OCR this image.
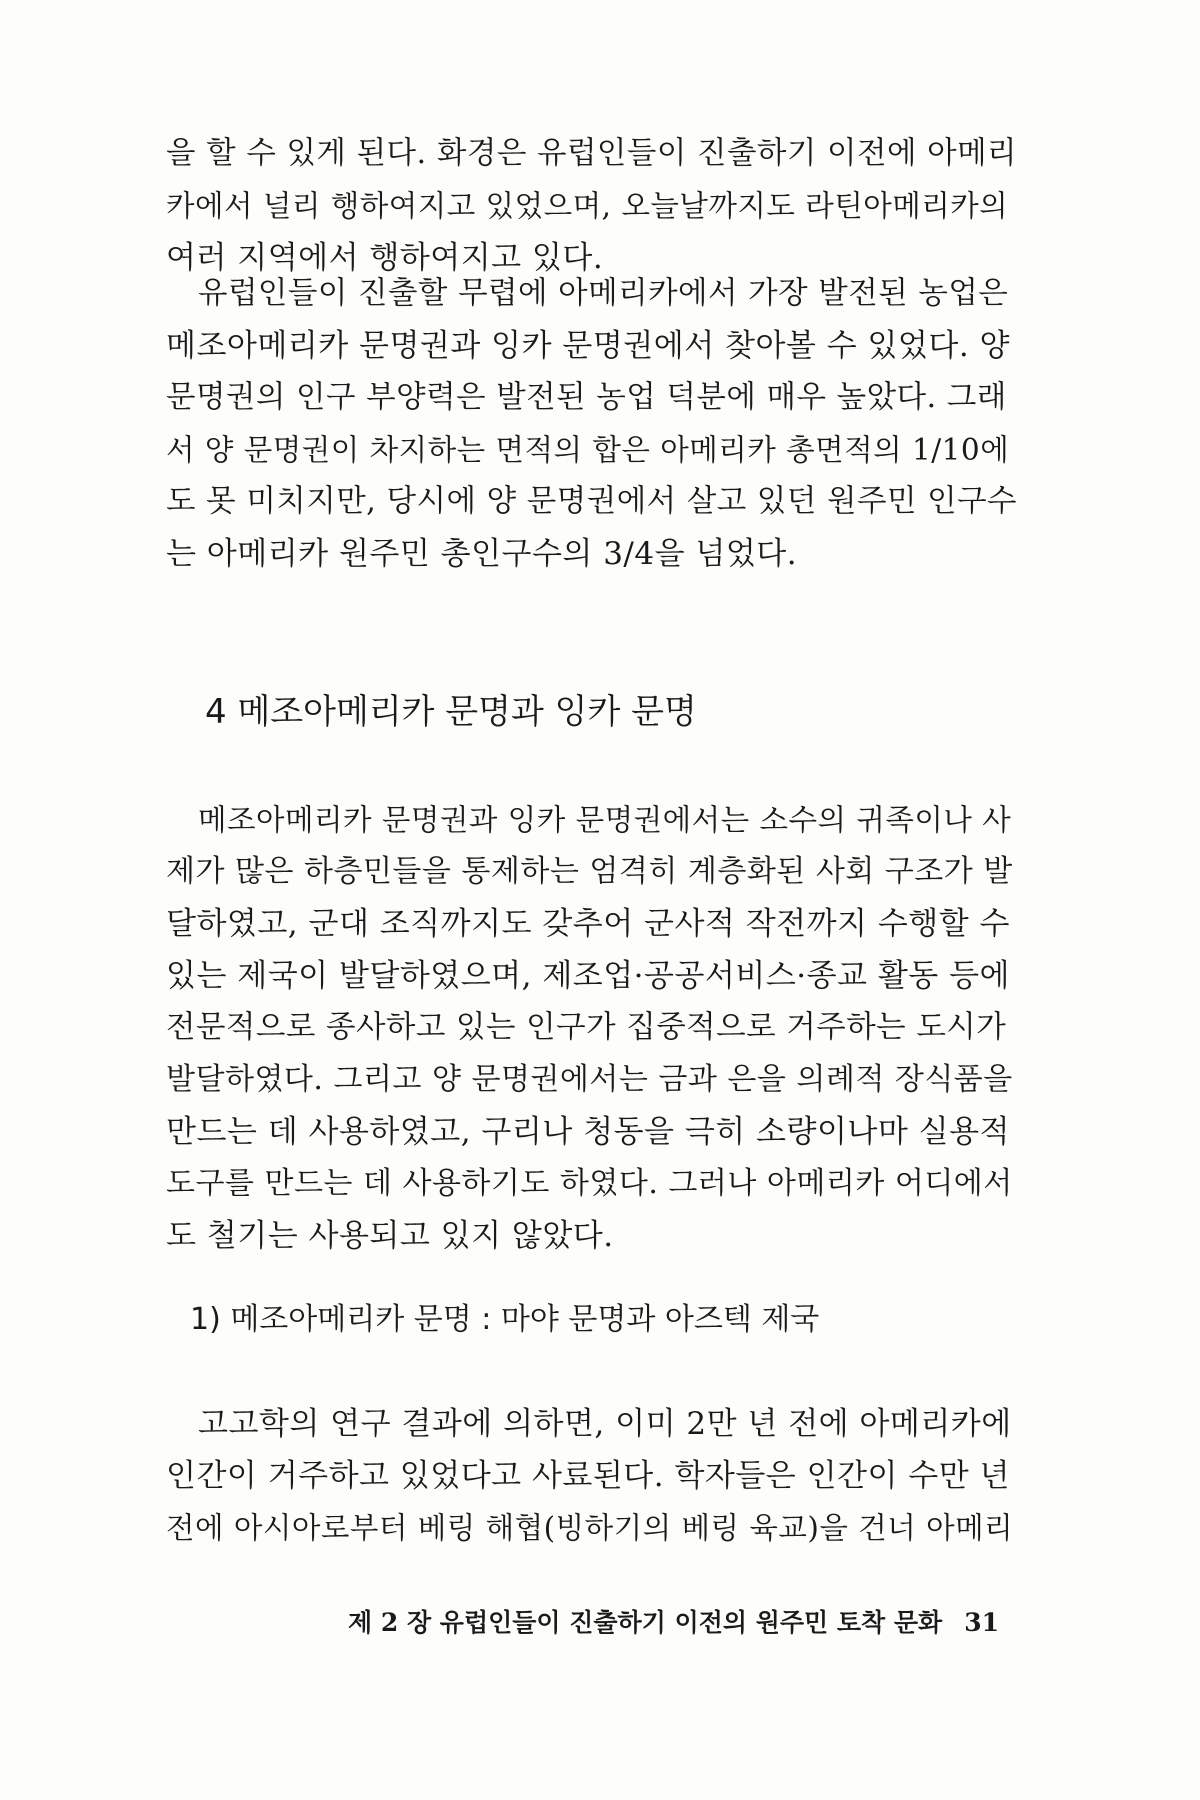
을 할 수 있게 된다. 화경은 유럽인들이 진출하기 이전에 아메리
카에서 널리 행하여지고 있었으며, 오늘날까지도 라틴아메리카의
여러 지역에서 행하여지고 있다.
유럽인들이 진출할 무렵에 아메리카에서 가장 발전된 농업은
메조아메리카 문명권과 잉카 문명권에서 찾아볼 수 있었다. 양
문명권의 인구 부양력은 발전된 농업 덕분에 매우 높았다. 그래
서 양 문명권이 차지하는 면적의 합은 아메리카 총면적의 1/10에
도 못 미치지만, 당시에 양 문명권에서 살고 있던 원주민 인구수
는 아메리카 원주민 총인구수의 3/4을 넘었다.
4 메조아메리카 문명과 잉카 문명
메조아메리카 문명권과 잉카 문명권에서는 소수의 귀족이나 사
제가 많은 하층민들을 통제하는 엄격히 계층화된 사회 구조가 발
달하였고, 군대 조직까지도 갖추어 군사적 작전까지 수행할 수
있는 제국이 발달하였으며, 제조업·공공서비스·종교 활동 등에
전문적으로 종사하고 있는 인구가 집중적으로 거주하는 도시가
발달하였다. 그리고 양 문명권에서는 금과 은을 의례적 장식품을
만드는 데 사용하였고, 구리나 청동을 극히 소량이나마 실용적
도구를 만드는 데 사용하기도 하였다. 그러나 아메리카 어디에서
도 철기는 사용되고 있지 않았다.
1) 메조아메리카 문명 : 마야 문명과 아즈텍 제국
고고학의 연구 결과에 의하면, 이미 2만 년 전에 아메리카에
인간이 거주하고 있었다고 사료된다. 학자들은 인간이 수만 년
전에 아시아로부터 베링 해협(빙하기의 베링 육교)을 건너 아메리
제 2 장 유럽인들이 진출하기 이전의 원주민 토착 문화 31
